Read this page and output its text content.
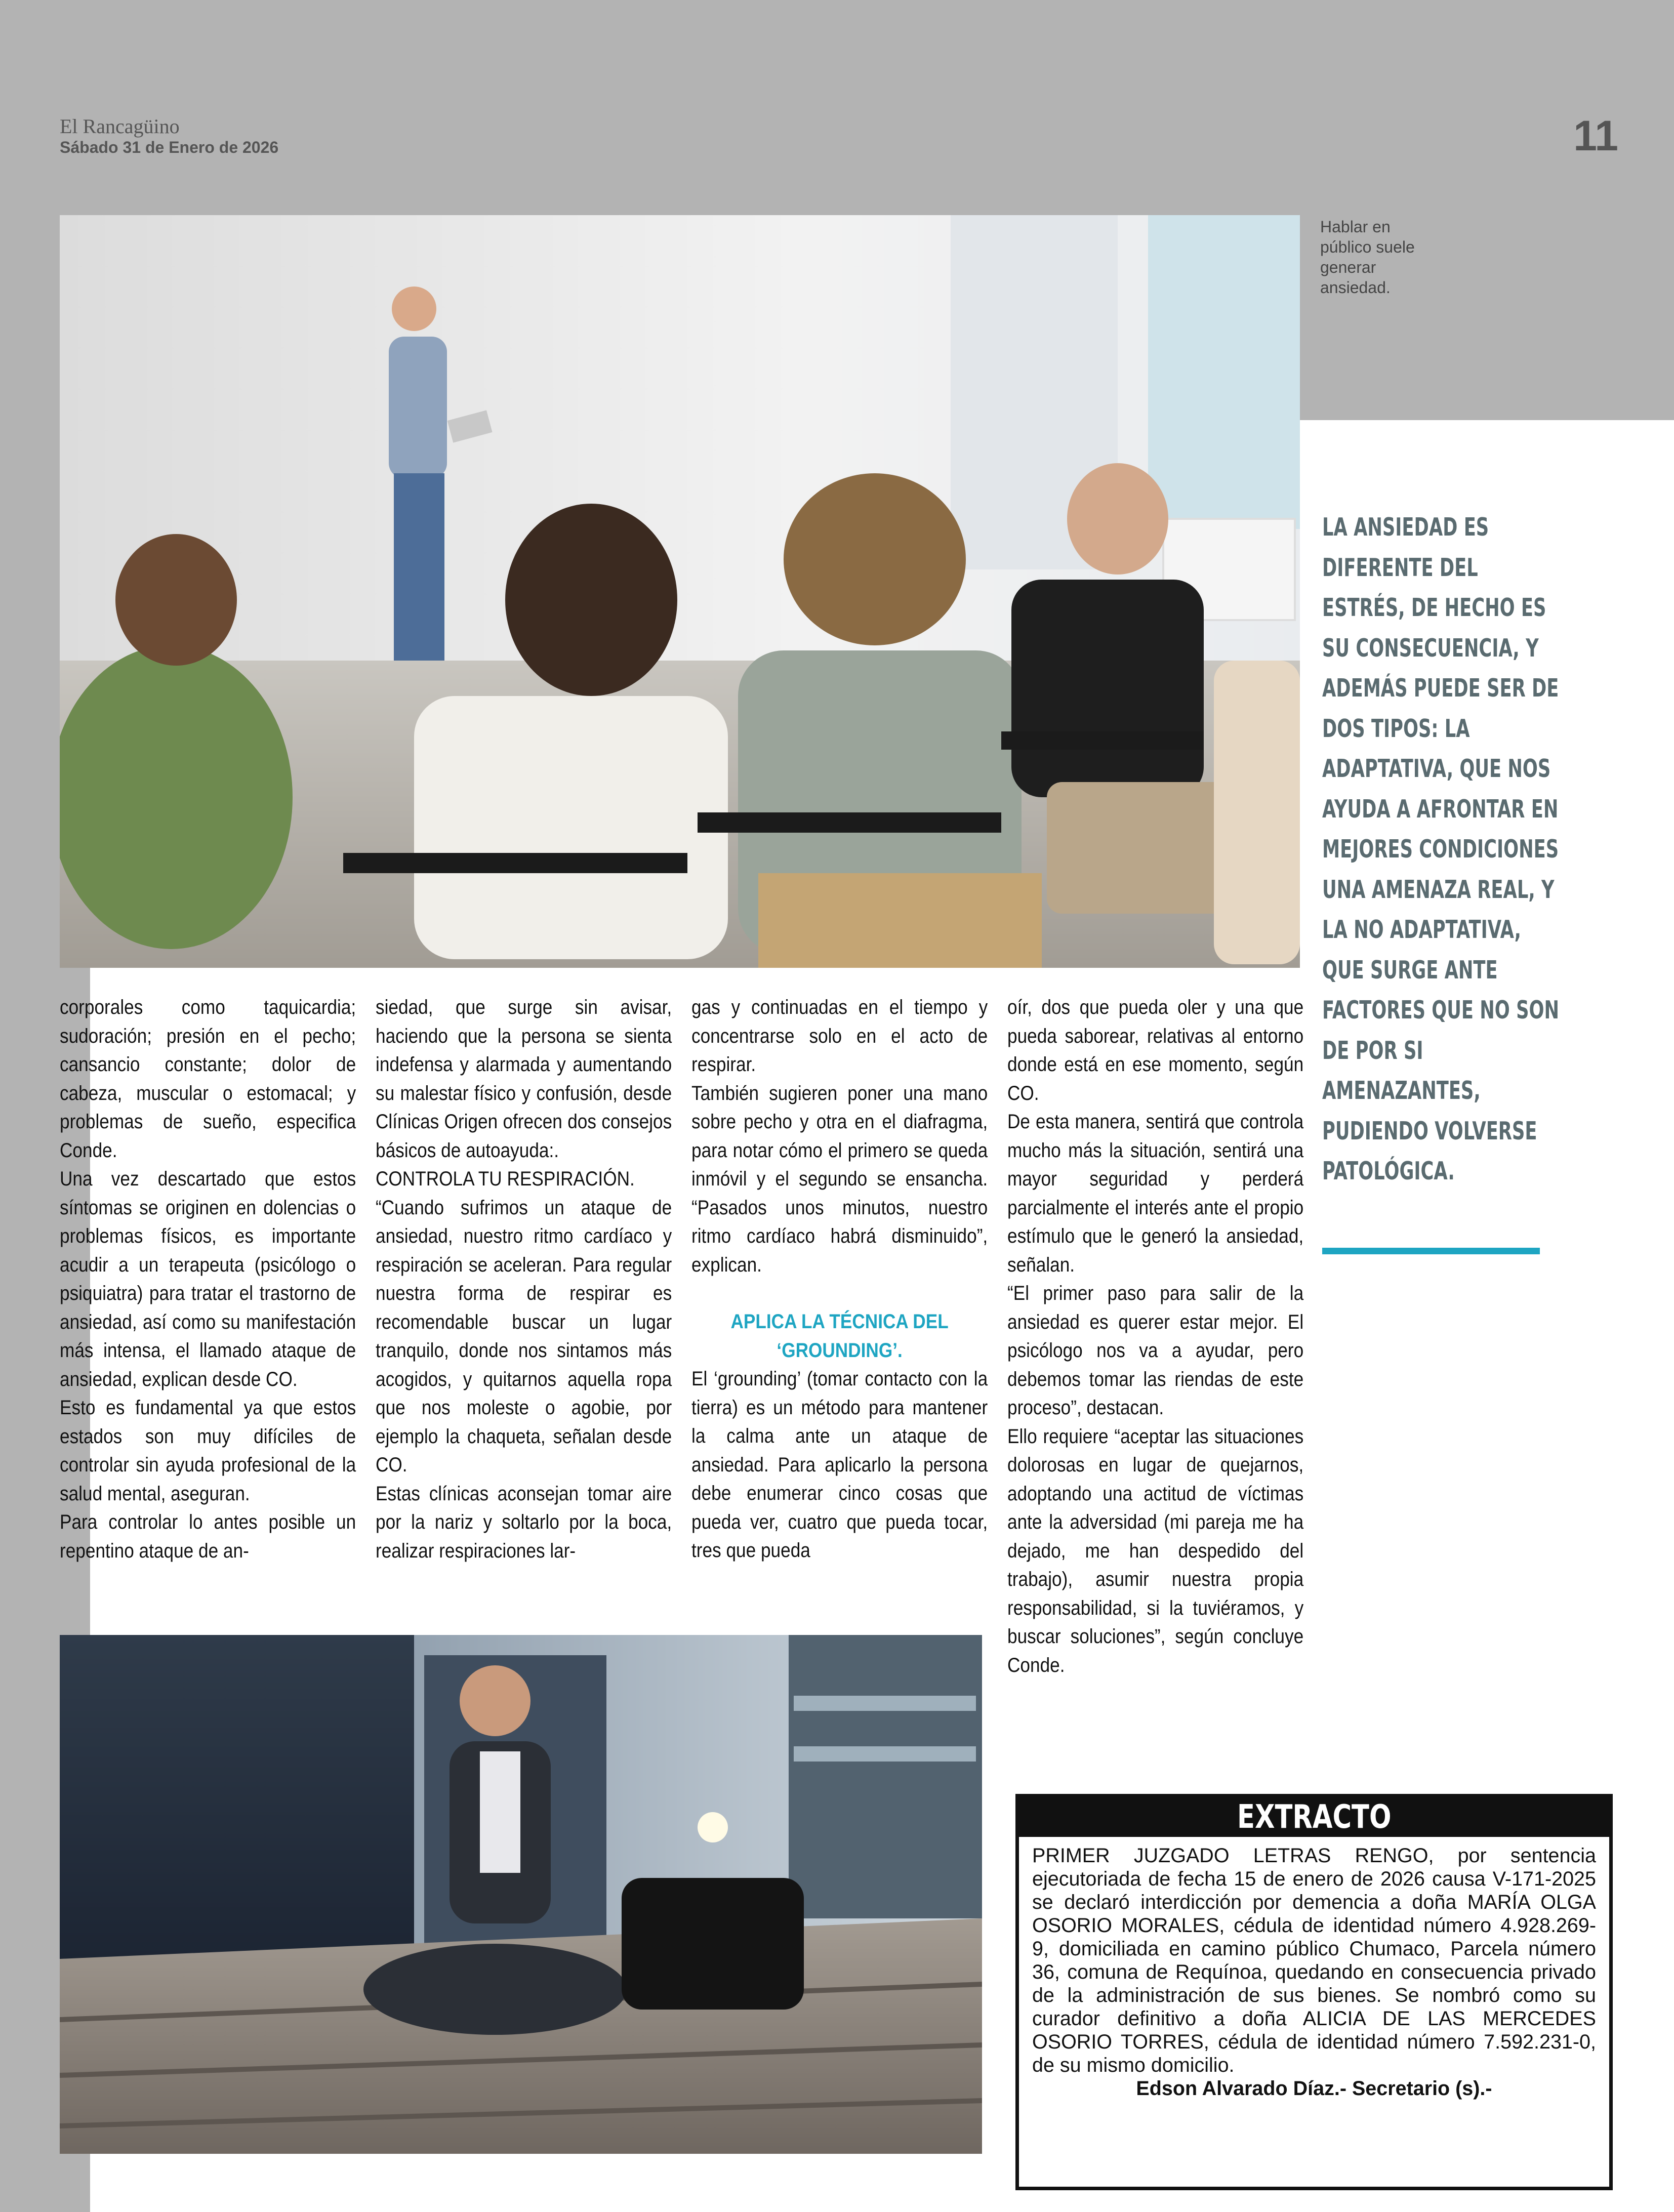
El Rancagüino
Sábado 31 de Enero de 2026	11
Hablar en público suele generar ansiedad.
LA ANSIEDAD ES DIFERENTE DEL ESTRÉS, DE HECHO ES SU CONSECUENCIA, Y ADEMÁS PUEDE SER DE DOS TIPOS: LA ADAPTATIVA, QUE NOS AYUDA A AFRONTAR EN MEJORES CONDICIONES UNA AMENAZA REAL, Y LA NO ADAPTATIVA, QUE SURGE ANTE FACTORES QUE NO SON DE POR SI AMENAZANTES, PUDIENDO VOLVERSE PATOLÓGICA.

corporales como taquicardia; sudoración; presión en el pecho; cansancio constante; dolor de cabeza, muscular o estomacal; y problemas de sueño, especifica Conde.

Una vez descartado que estos síntomas se originen en dolencias o problemas físicos, es importante acudir a un terapeuta (psicólogo o psiquiatra) para tratar el trastorno de ansiedad, así como su manifestación más intensa, el llamado ataque de ansiedad, explican desde CO.

Esto es fundamental ya que estos estados son muy difíciles de controlar sin ayuda profesional de la salud mental, aseguran.

Para controlar lo antes posible un repentino ataque de an-

siedad, que surge sin avisar, haciendo que la persona se sienta indefensa y alarmada y aumentando su malestar físico y confusión, desde Clínicas Origen ofrecen dos consejos básicos de autoayuda:.

CONTROLA TU RESPIRACIÓN.

“Cuando sufrimos un ataque de ansiedad, nuestro ritmo cardíaco y respiración se aceleran. Para regular nuestra forma de respirar es recomendable buscar un lugar tranquilo, donde nos sintamos más acogidos, y quitarnos aquella ropa que nos moleste o agobie, por ejemplo la chaqueta, señalan desde CO.

Estas clínicas aconsejan tomar aire por la nariz y soltarlo por la boca, realizar respiraciones lar-

gas y continuadas en el tiempo y concentrarse solo en el acto de respirar.

También sugieren poner una mano sobre pecho y otra en el diafragma, para notar cómo el primero se queda inmóvil y el segundo se ensancha. “Pasados unos minutos, nuestro ritmo cardíaco habrá disminuido”, explican.

APLICA LA TÉCNICA DEL ‘GROUNDING’.

El ‘grounding’ (tomar contacto con la tierra) es un método para mantener la calma ante un ataque de ansiedad. Para aplicarlo la persona debe enumerar cinco cosas que pueda ver, cuatro que pueda tocar, tres que pueda

oír, dos que pueda oler y una que pueda saborear, relativas al entorno donde está en ese momento, según CO.

De esta manera, sentirá que controla mucho más la situación, sentirá una mayor seguridad y perderá parcialmente el interés ante el propio estímulo que le generó la ansiedad, señalan.

“El primer paso para salir de la ansiedad es querer estar mejor. El psicólogo nos va a ayudar, pero debemos tomar las riendas de este proceso”, destacan.

Ello requiere “aceptar las situaciones dolorosas en lugar de quejarnos, adoptando una actitud de víctimas ante la adversidad (mi pareja me ha dejado, me han despedido del trabajo), asumir nuestra propia responsabilidad, si la tuviéramos, y buscar soluciones”, según concluye Conde.

EXTRACTO
PRIMER JUZGADO LETRAS RENGO, por sentencia ejecutoriada de fecha 15 de enero de 2026 causa V-171-2025 se declaró interdicción por demencia a doña MARÍA OLGA OSORIO MORALES, cédula de identidad número 4.928.269- 9, domiciliada en camino público Chumaco, Parcela número 36, comuna de Requínoa, quedando en consecuencia privado de la administración de sus bienes. Se nombró como su curador definitivo a doña ALICIA DE LAS MERCEDES OSORIO TORRES, cédula de identidad número 7.592.231-0, de su mismo domicilio.
Edson Alvarado Díaz.- Secretario (s).-
